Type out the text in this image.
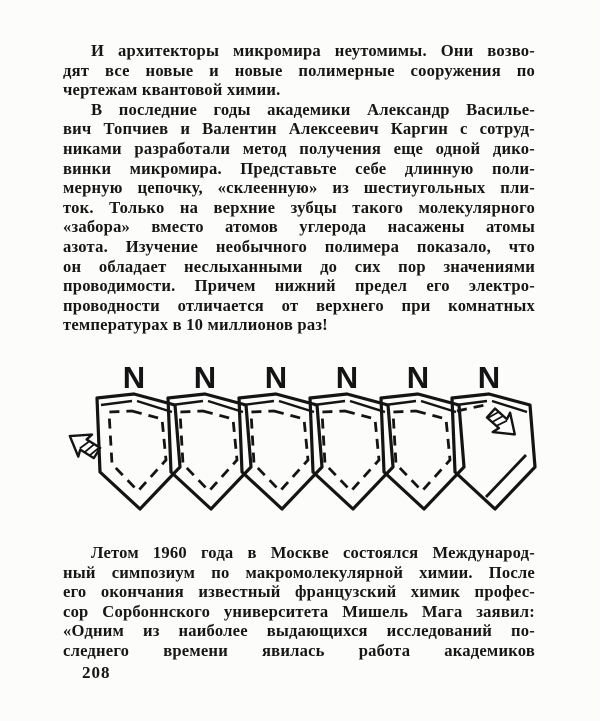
И архитекторы микромира неутомимы. Они возво-
дят все новые и новые полимерные сооружения по
чертежам квантовой химии.
В последние годы академики Александр Василье-
вич Топчиев и Валентин Алексеевич Каргин с сотруд-
никами разработали метод получения еще одной дико-
винки микромира. Представьте себе длинную поли-
мерную цепочку, «склеенную» из шестиугольных пли-
ток. Только на верхние зубцы такого молекулярного
«забора» вместо атомов углерода насажены атомы
азота. Изучение необычного полимера показало, что
он обладает неслыханными до сих пор значениями
проводимости. Причем нижний предел его электро-
проводности отличается от верхнего при комнатных
температурах в 10 миллионов раз!
N N N N N N
Летом 1960 года в Москве состоялся Международ-
ный симпозиум по макромолекулярной химии. После
его окончания известный французский химик профес-
сор Сорбоннского университета Мишель Мага заявил:
«Одним из наиболее выдающихся исследований по-
следнего времени явилась работа академиков
208
